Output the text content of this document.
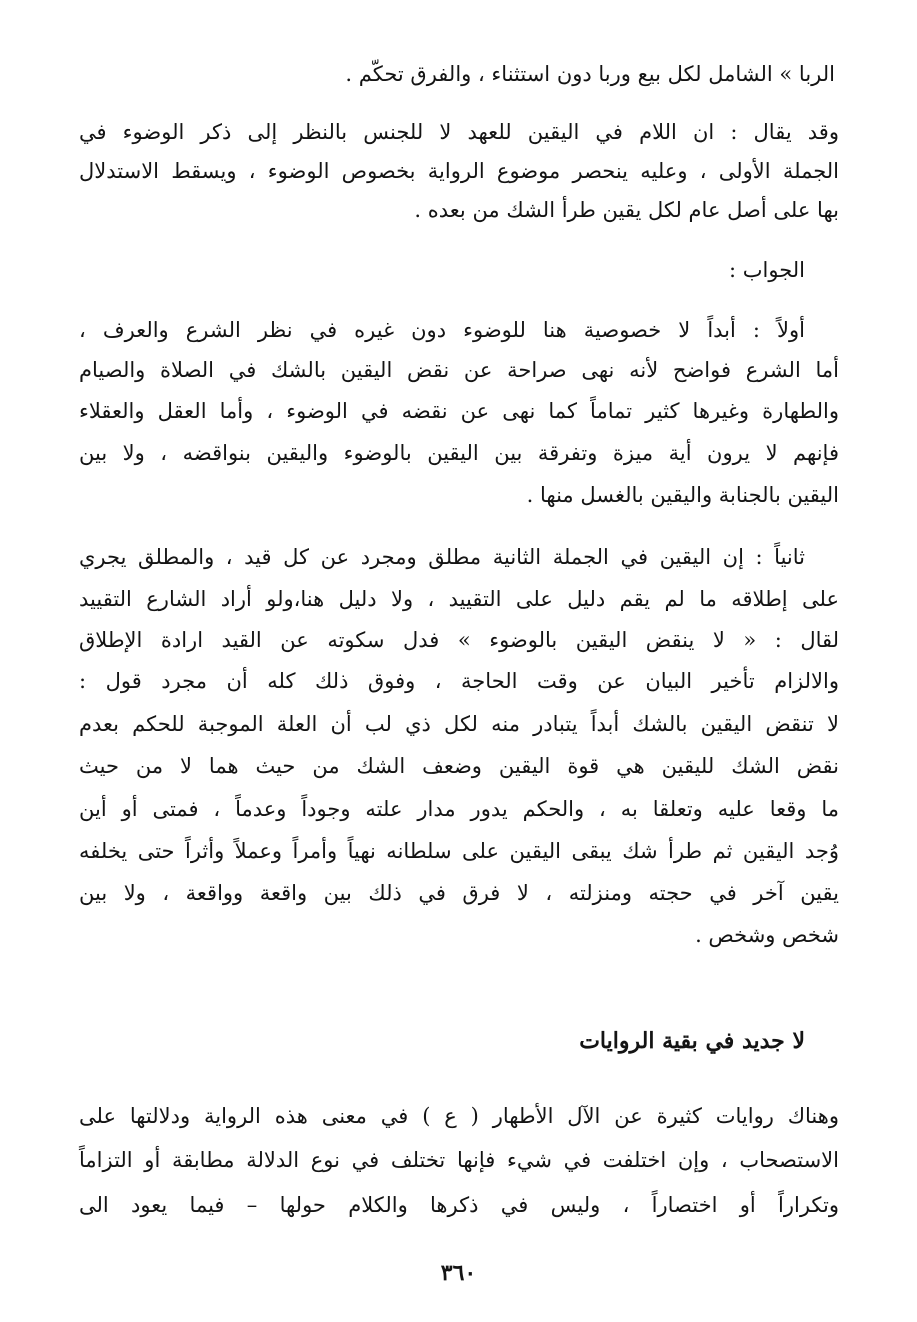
الربا » الشامل لكل بيع وربا دون استثناء ، والفرق تحكّم .
وقد يقال : ان اللام في اليقين للعهد لا للجنس بالنظر إلى ذكر الوضوء في
الجملة الأولى ، وعليه ينحصر موضوع الرواية بخصوص الوضوء ، ويسقط الاستدلال
بها على أصل عام لكل يقين طرأ الشك من بعده .
الجواب :
أولاً : أبداً لا خصوصية هنا للوضوء دون غيره في نظر الشرع والعرف ،
أما الشرع فواضح لأنه نهى صراحة عن نقض اليقين بالشك في الصلاة والصيام
والطهارة وغيرها كثير تماماً كما نهى عن نقضه في الوضوء ، وأما العقل والعقلاء
فإنهم لا يرون أية ميزة وتفرقة بين اليقين بالوضوء واليقين بنواقضه ، ولا بين
اليقين بالجنابة واليقين بالغسل منها .
ثانياً : إن اليقين في الجملة الثانية مطلق ومجرد عن كل قيد ، والمطلق يجري
على إطلاقه ما لم يقم دليل على التقييد ، ولا دليل هنا،ولو أراد الشارع التقييد
لقال : « لا ينقض اليقين بالوضوء » فدل سكوته عن القيد ارادة الإطلاق
والالزام تأخير البيان عن وقت الحاجة ، وفوق ذلك كله أن مجرد قول :
لا تنقض اليقين بالشك أبداً يتبادر منه لكل ذي لب أن العلة الموجبة للحكم بعدم
نقض الشك لليقين هي قوة اليقين وضعف الشك من حيث هما لا من حيث
ما وقعا عليه وتعلقا به ، والحكم يدور مدار علته وجوداً وعدماً ، فمتى أو أين
وُجد اليقين ثم طرأ شك يبقى اليقين على سلطانه نهياً وأمراً وعملاً وأثراً حتى يخلفه
يقين آخر في حجته ومنزلته ، لا فرق في ذلك بين واقعة وواقعة ، ولا بين
شخص وشخص .
لا جديد في بقية الروايات
وهناك روايات كثيرة عن الآل الأطهار ( ع ) في معنى هذه الرواية ودلالتها على
الاستصحاب ، وإن اختلفت في شيء فإنها تختلف في نوع الدلالة مطابقة أو التزاماً
وتكراراً أو اختصاراً ، وليس في ذكرها والكلام حولها – فيما يعود الى
٣٦٠
